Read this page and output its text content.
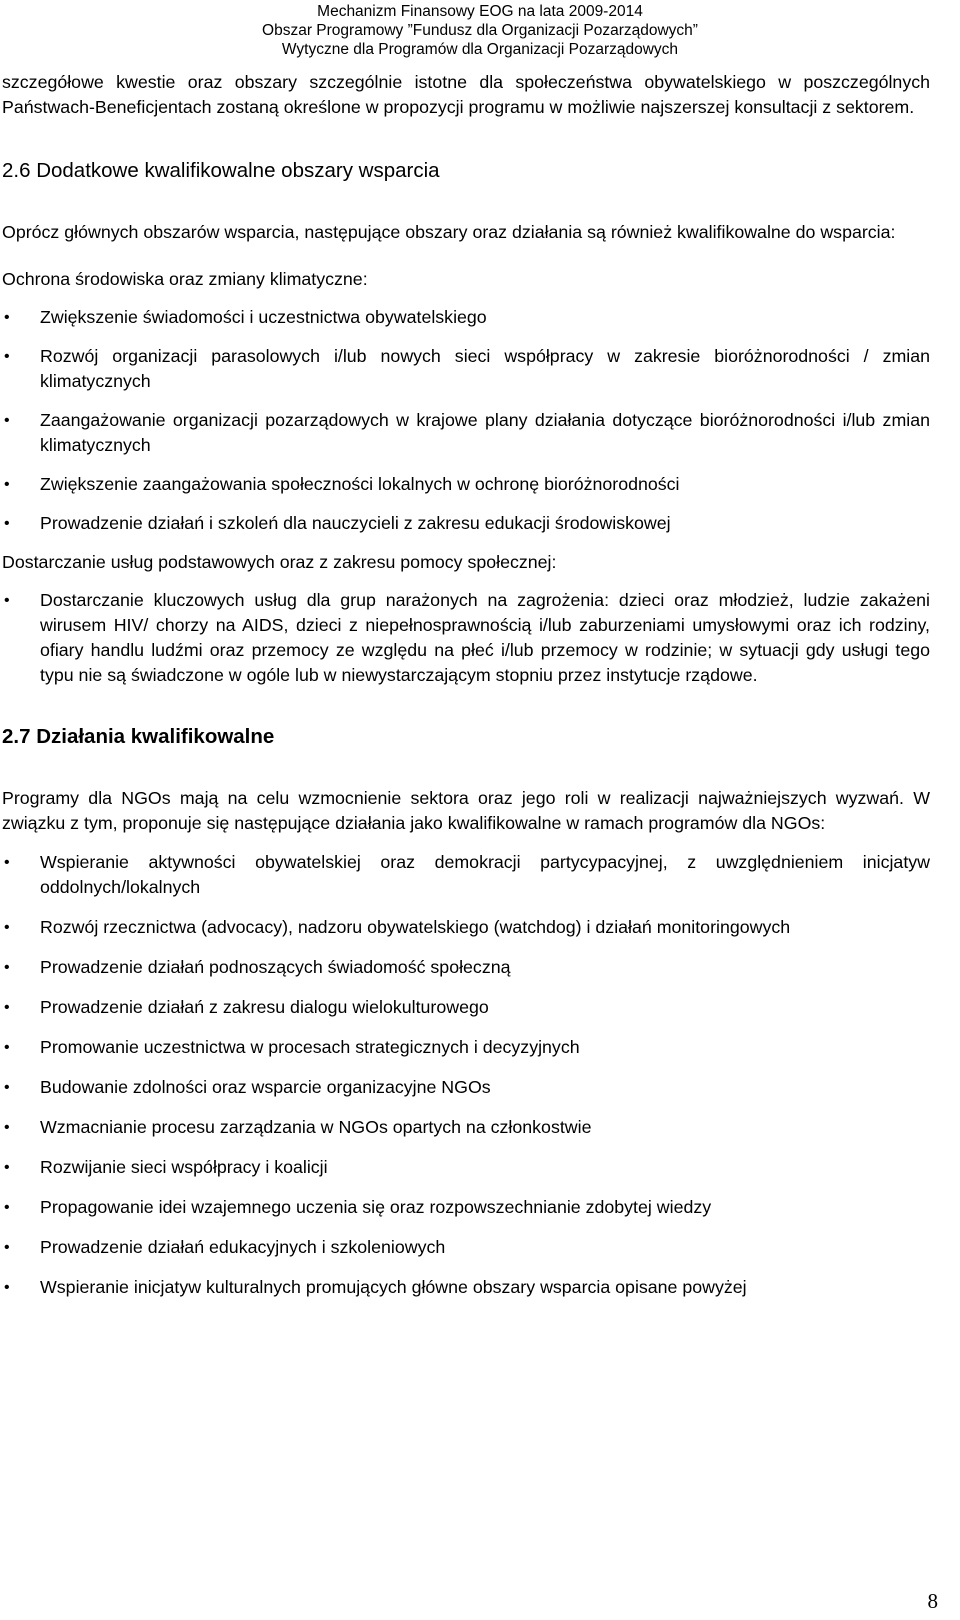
Mechanizm Finansowy EOG na lata 2009-2014
Obszar Programowy ”Fundusz dla Organizacji Pozarządowych”
Wytyczne dla Programów dla Organizacji Pozarządowych

szczegółowe kwestie oraz obszary szczególnie istotne dla społeczeństwa obywatelskiego w poszczególnych Państwach-Beneficjentach zostaną określone w propozycji programu w możliwie najszerszej konsultacji z sektorem.

2.6 Dodatkowe kwalifikowalne obszary wsparcia

Oprócz głównych obszarów wsparcia, następujące obszary oraz działania są również kwalifikowalne do wsparcia:

Ochrona środowiska oraz zmiany klimatyczne:

• Zwiększenie świadomości i uczestnictwa obywatelskiego
• Rozwój organizacji parasolowych i/lub nowych sieci współpracy w zakresie bioróżnorodności / zmian klimatycznych
• Zaangażowanie organizacji pozarządowych w krajowe plany działania dotyczące bioróżnorodności i/lub zmian klimatycznych
• Zwiększenie zaangażowania społeczności lokalnych w ochronę bioróżnorodności
• Prowadzenie działań i szkoleń dla nauczycieli z zakresu edukacji środowiskowej

Dostarczanie usług podstawowych oraz z zakresu pomocy społecznej:

• Dostarczanie kluczowych usług dla grup narażonych na zagrożenia: dzieci oraz młodzież, ludzie zakażeni wirusem HIV/ chorzy na AIDS, dzieci z niepełnosprawnością i/lub zaburzeniami umysłowymi oraz ich rodziny, ofiary handlu ludźmi oraz przemocy ze względu na płeć i/lub przemocy w rodzinie; w sytuacji gdy usługi tego typu nie są świadczone w ogóle lub w niewystarczającym stopniu przez instytucje rządowe.
2.7 Działania kwalifikowalne

Programy dla NGOs mają na celu wzmocnienie sektora oraz jego roli w realizacji najważniejszych wyzwań. W związku z tym, proponuje się następujące działania jako kwalifikowalne w ramach programów dla NGOs:

• Wspieranie aktywności obywatelskiej oraz demokracji partycypacyjnej, z uwzględnieniem inicjatyw oddolnych/lokalnych
• Rozwój rzecznictwa (advocacy), nadzoru obywatelskiego (watchdog) i działań monitoringowych
• Prowadzenie działań podnoszących świadomość społeczną
• Prowadzenie działań z zakresu dialogu wielokulturowego
• Promowanie uczestnictwa w procesach strategicznych i decyzyjnych
• Budowanie zdolności oraz wsparcie organizacyjne NGOs
• Wzmacnianie procesu zarządzania w NGOs opartych na członkostwie
• Rozwijanie sieci współpracy i koalicji
• Propagowanie idei wzajemnego uczenia się oraz rozpowszechnianie zdobytej wiedzy
• Prowadzenie działań edukacyjnych i szkoleniowych
• Wspieranie inicjatyw kulturalnych promujących główne obszary wsparcia opisane powyżej
8
